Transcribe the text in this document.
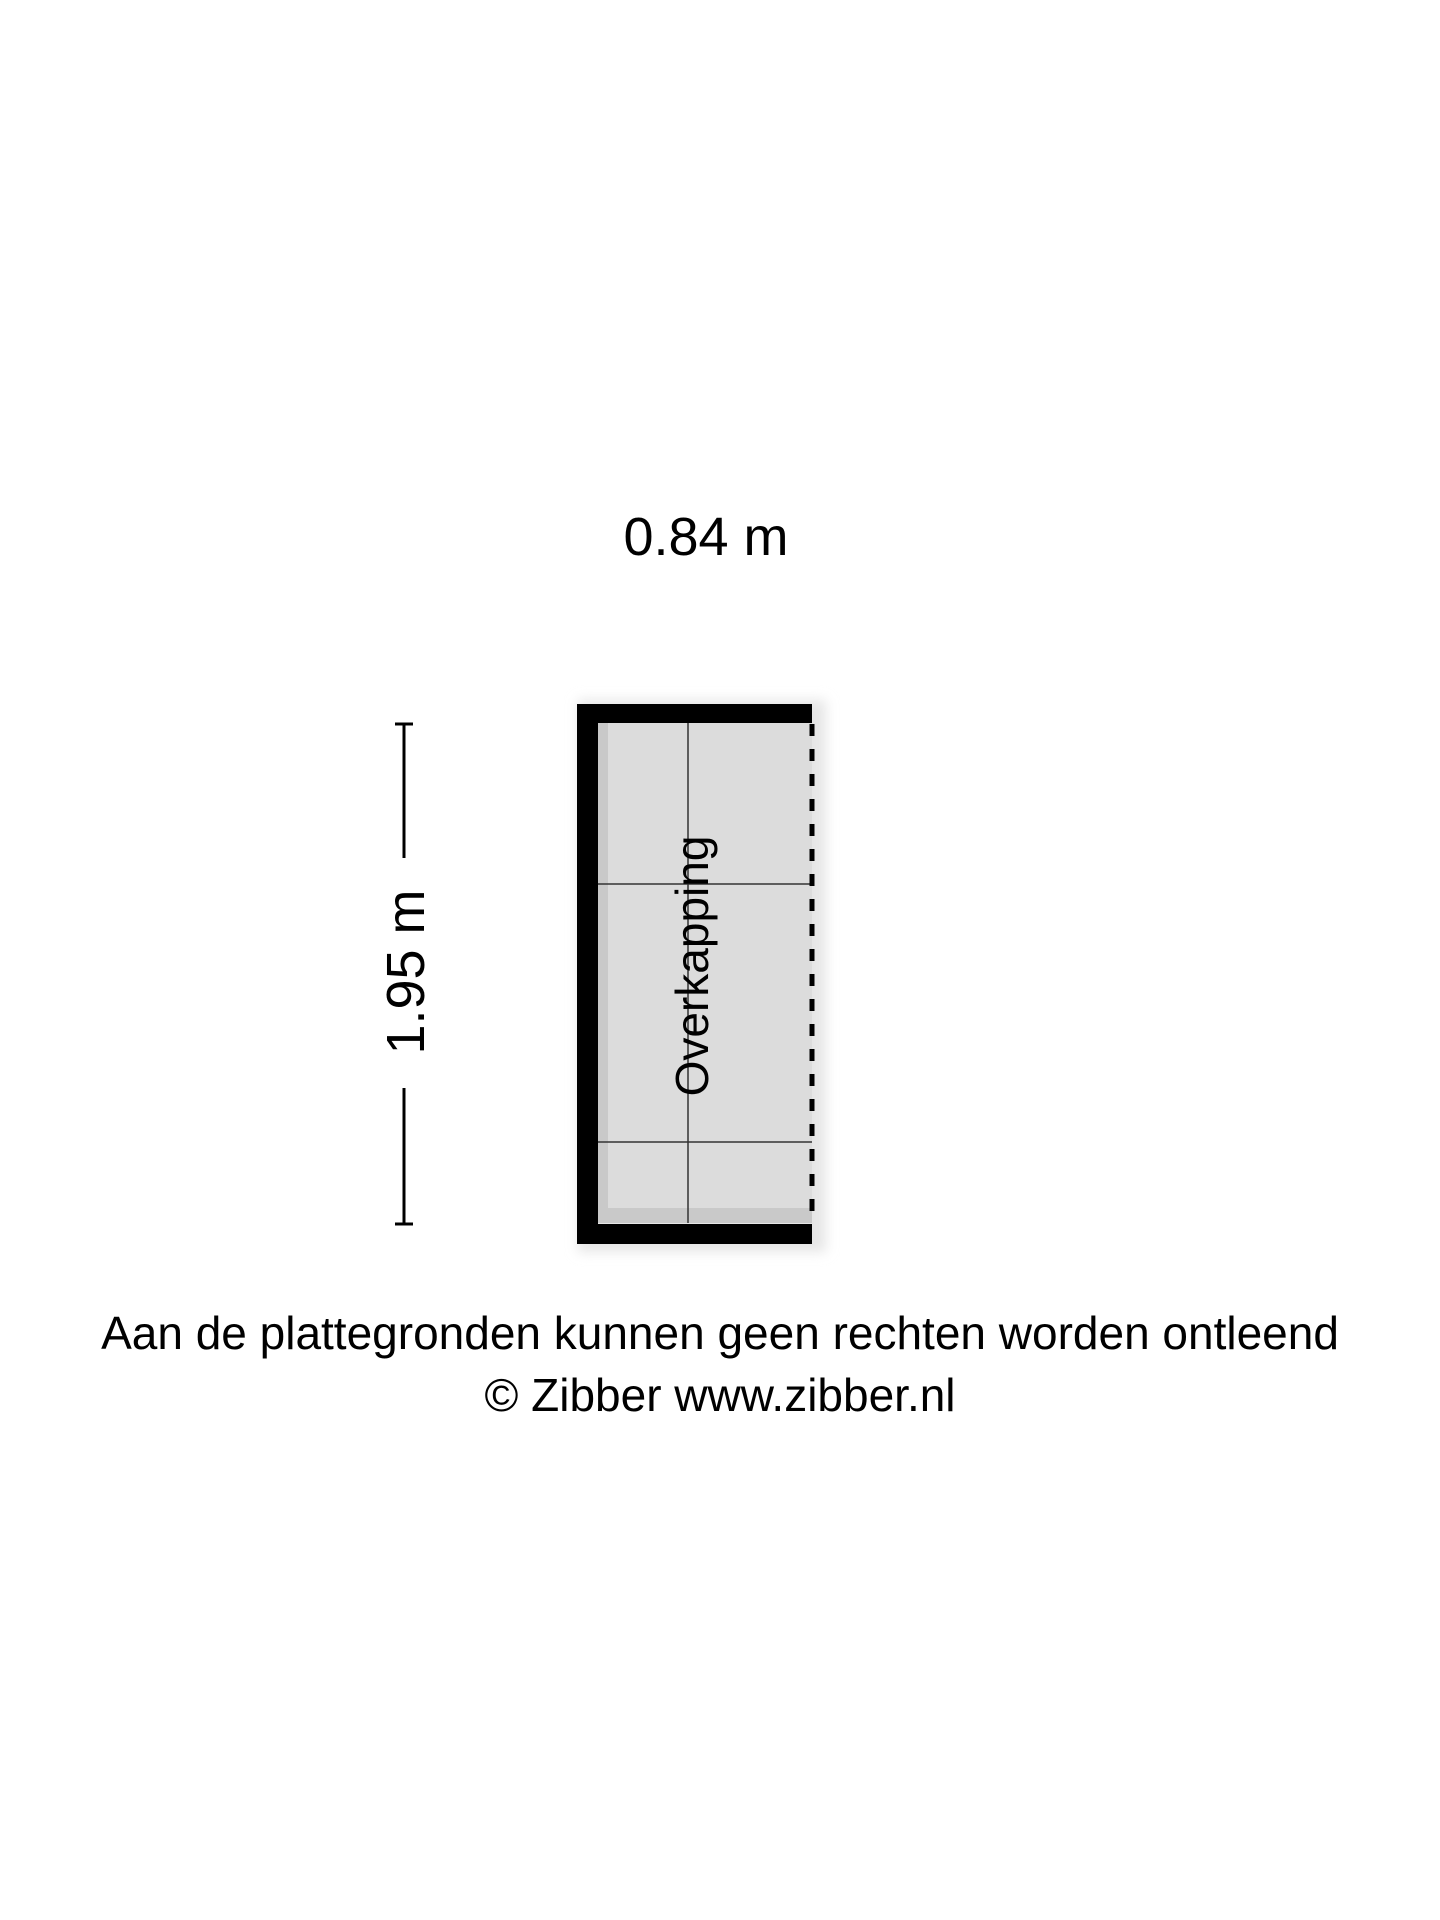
0.84 m
1.95 m	Overkapping
Aan de plattegronden kunnen geen rechten worden ontleend
© Zibber www.zibber.nl
